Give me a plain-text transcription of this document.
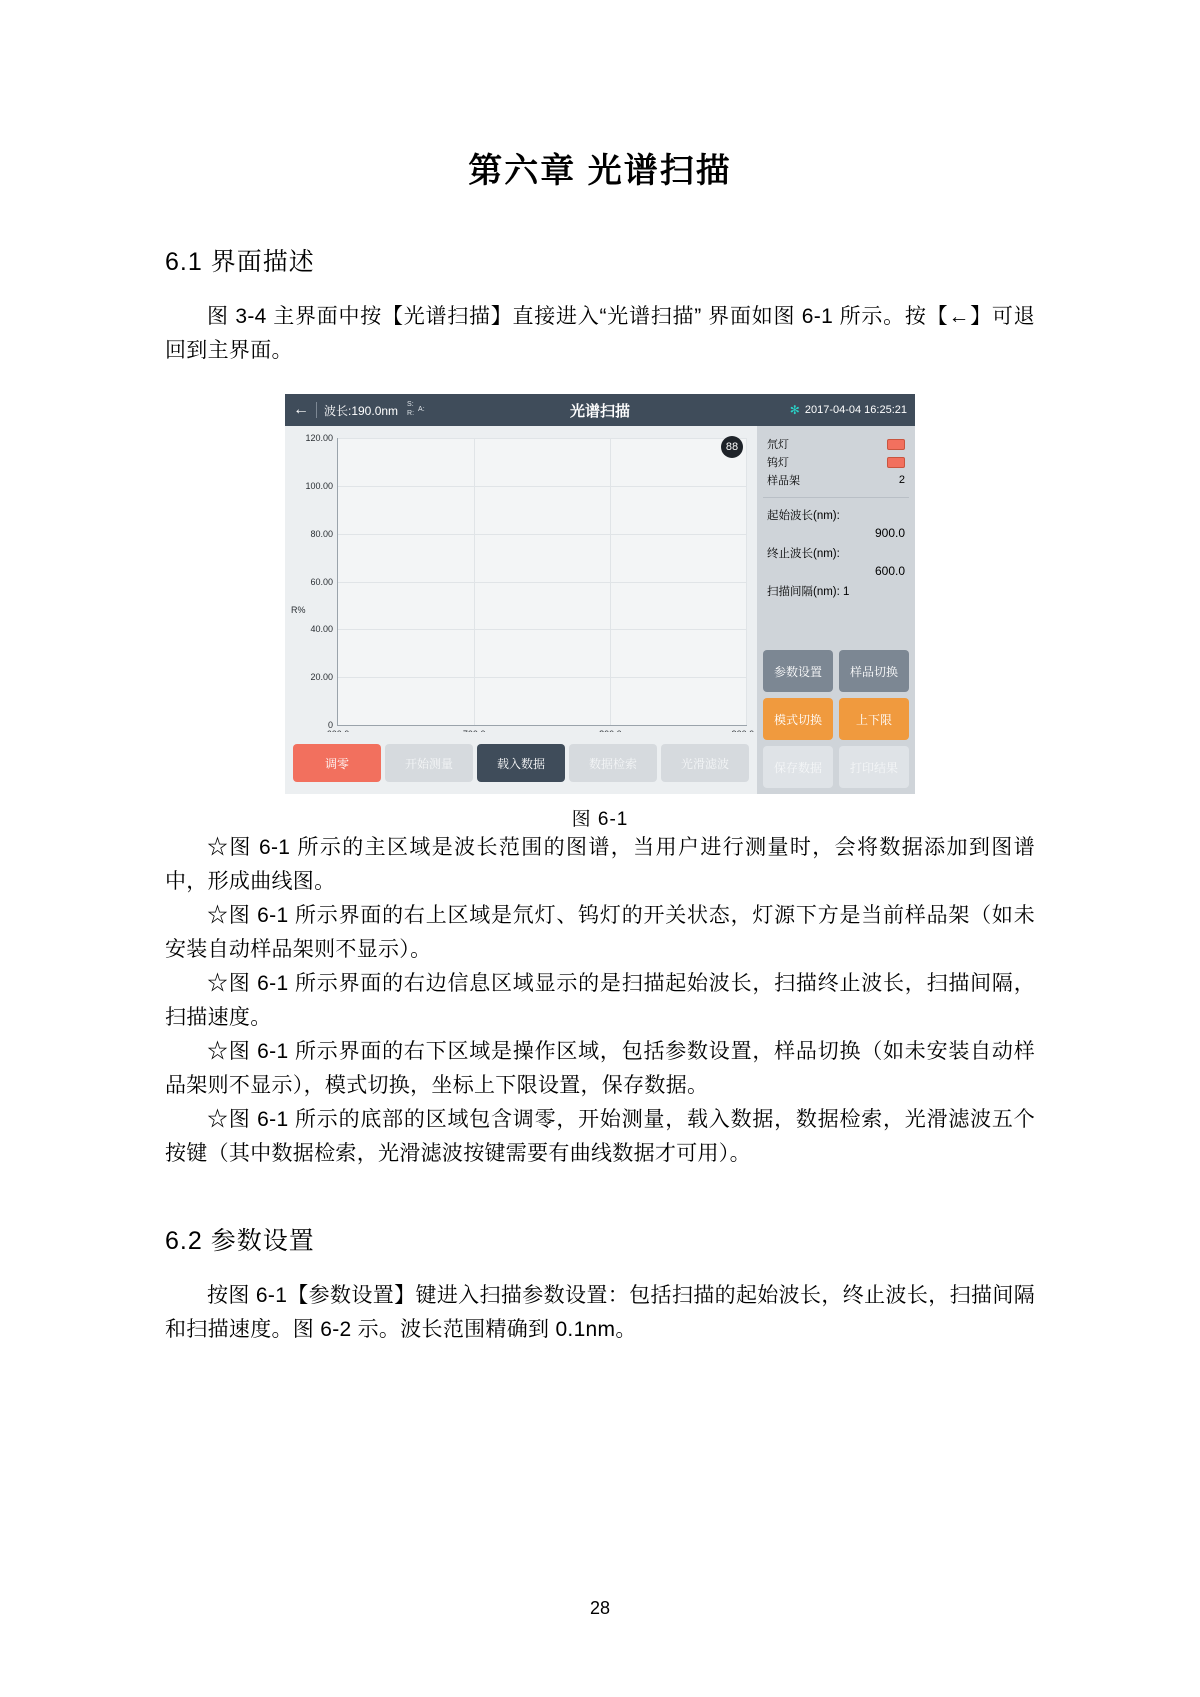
第六章 光谱扫描
6.1 界面描述

图 3-4 主界面中按【光谱扫描】直接进入“光谱扫描” 界面如图 6-1 所示。按【←】可退回到主界面。

←	波长:190.0nm S:
R:
A:	光谱扫描	✻ 2017-04-04 16:25:21
120.00
100.00
80.00
60.00
40.00
20.00
0
R%
88
调零	开始测量	载入数据	数据检索	光滑滤波
氘灯
钨灯
样品架	2
起始波长(nm):
900.0
终止波长(nm):
600.0
扫描间隔(nm): 1
参数设置	样品切换
模式切换	上下限
保存数据	打印结果
图 6-1

☆图 6-1 所示的主区域是波长范围的图谱，当用户进行测量时，会将数据添加到图谱中，形成曲线图。

☆图 6-1 所示界面的右上区域是氘灯、钨灯的开关状态，灯源下方是当前样品架（如未安装自动样品架则不显示）。

☆图 6-1 所示界面的右边信息区域显示的是扫描起始波长，扫描终止波长，扫描间隔，扫描速度。

☆图 6-1 所示界面的右下区域是操作区域，包括参数设置，样品切换（如未安装自动样品架则不显示），模式切换，坐标上下限设置，保存数据。

☆图 6-1 所示的底部的区域包含调零，开始测量，载入数据，数据检索，光滑滤波五个按键（其中数据检索，光滑滤波按键需要有曲线数据才可用）。

6.2 参数设置

按图 6-1【参数设置】键进入扫描参数设置：包括扫描的起始波长，终止波长，扫描间隔和扫描速度。图 6-2 示。波长范围精确到 0.1nm。

28
